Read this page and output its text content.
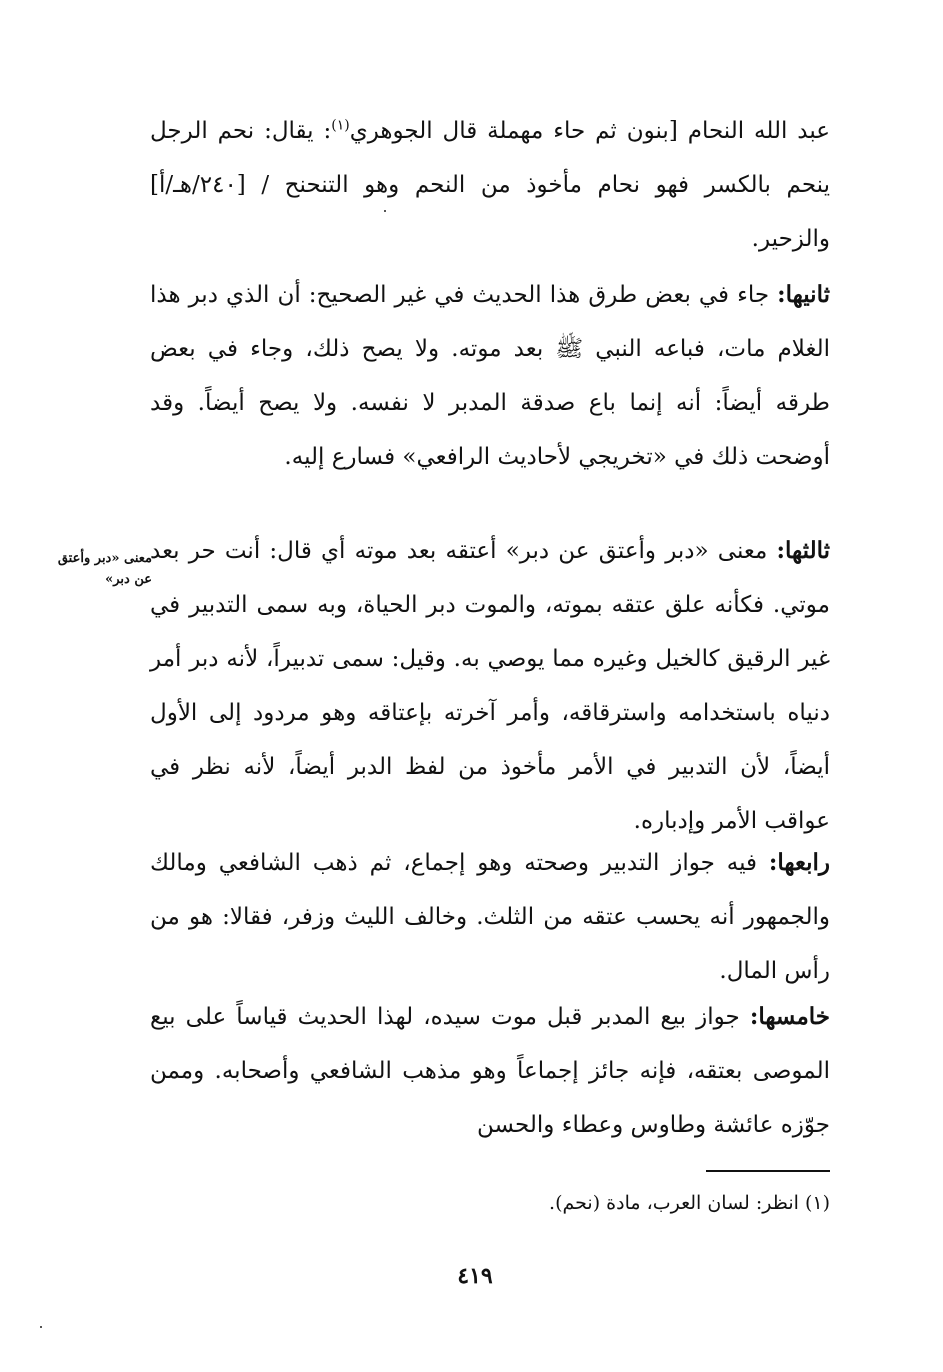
عبد الله النحام [بنون ثم حاء مهملة قال الجوهري$^{(١)}$: يقال: نحم الرجل ينحم بالكسر فهو نحام مأخوذ من النحم وهو التنحنح / [٢٤٠/هـ/أ] والزحير.

ثانيها: جاء في بعض طرق هذا الحديث في غير الصحيح: أن الذي دبر هذا الغلام مات، فباعه النبي ﷺ بعد موته. ولا يصح ذلك، وجاء في بعض طرقه أيضاً: أنه إنما باع صدقة المدبر لا نفسه. ولا يصح أيضاً. وقد أوضحت ذلك في «تخريجي لأحاديث الرافعي» فسارع إليه.

ثالثها: معنى «دبر وأعتق عن دبر» أعتقه بعد موته أي قال: أنت حر بعد موتي. فكأنه علق عتقه بموته، والموت دبر الحياة، وبه سمى التدبير في غير الرقيق كالخيل وغيره مما يوصي به. وقيل: سمى تدبيراً، لأنه دبر أمر دنياه باستخدامه واسترقاقه، وأمر آخرته بإعتاقه وهو مردود إلى الأول أيضاً، لأن التدبير في الأمر مأخوذ من لفظ الدبر أيضاً، لأنه نظر في عواقب الأمر وإدباره.

معنى «دبر وأعتق عن دبر»

رابعها: فيه جواز التدبير وصحته وهو إجماع، ثم ذهب الشافعي ومالك والجمهور أنه يحسب عتقه من الثلث. وخالف الليث وزفر، فقالا: هو من رأس المال.

خامسها: جواز بيع المدبر قبل موت سيده، لهذا الحديث قياساً على بيع الموصى بعتقه، فإنه جائز إجماعاً وهو مذهب الشافعي وأصحابه. وممن جوّزه عائشة وطاوس وعطاء والحسن

(١) انظر: لسان العرب، مادة (نحم).
٤١٩
